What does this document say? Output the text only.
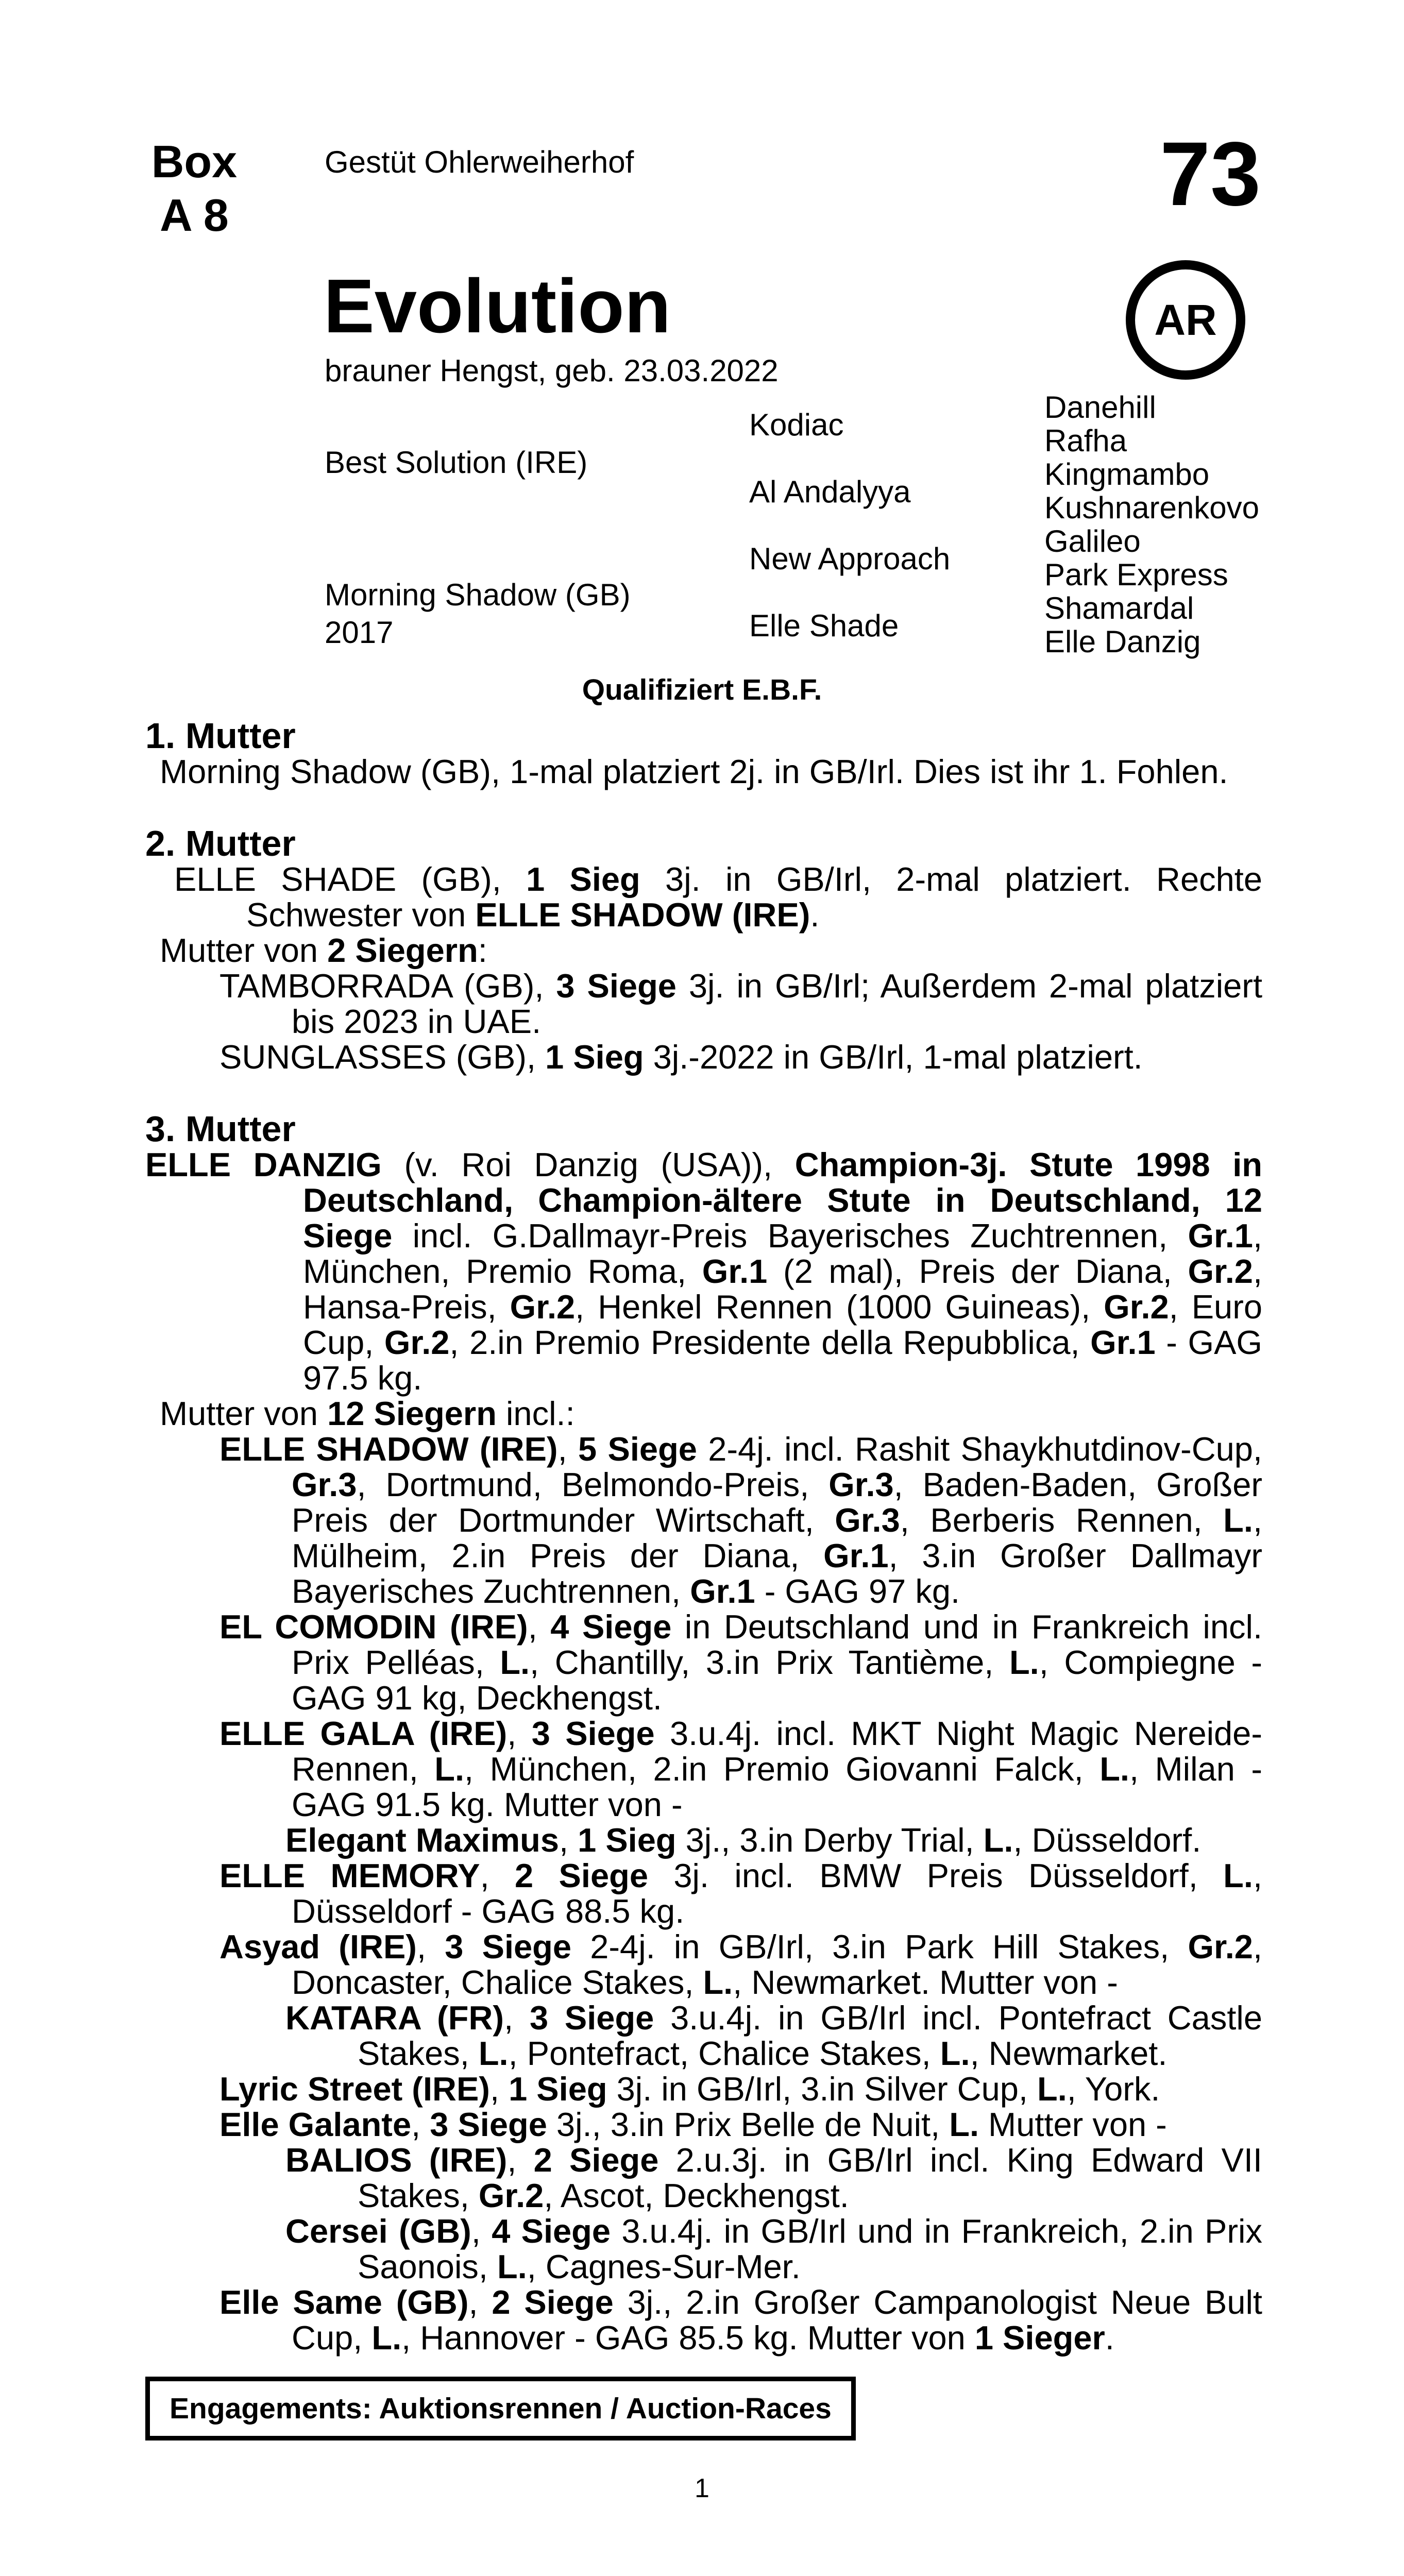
Box
A 8
Gestüt Ohlerweiherhof	73
AR
Evolution
brauner Hengst, geb. 23.03.2022
Best Solution (IRE)
Morning Shadow (GB)
2017
Kodiac
Al Andalyya
New Approach
Elle Shade
Danehill
Rafha
Kingmambo
Kushnarenkovo
Galileo
Park Express
Shamardal
Elle Danzig
Qualifiziert E.B.F.

1. Mutter

Morning Shadow (GB), 1-mal platziert 2j. in GB/Irl. Dies ist ihr 1. Fohlen.

2. Mutter

ELLE SHADE (GB), 1 Sieg 3j. in GB/Irl, 2-mal platziert. Rechte Schwester von ELLE SHADOW (IRE).

Mutter von 2 Siegern:

TAMBORRADA (GB), 3 Siege 3j. in GB/Irl; Außerdem 2-mal platziert bis 2023 in UAE.

SUNGLASSES (GB), 1 Sieg 3j.-2022 in GB/Irl, 1-mal platziert.

3. Mutter

ELLE DANZIG (v. Roi Danzig (USA)), Champion-3j. Stute 1998 in Deutschland, Champion-ältere Stute in Deutschland, 12 Siege incl. G.Dallmayr-Preis Bayerisches Zuchtrennen, Gr.1, München, Premio Roma, Gr.1 (2 mal), Preis der Diana, Gr.2, Hansa-Preis, Gr.2, Henkel Rennen (1000 Guineas), Gr.2, Euro Cup, Gr.2, 2.in Premio Presidente della Repubblica, Gr.1 - GAG 97.5 kg.

Mutter von 12 Siegern incl.:

ELLE SHADOW (IRE), 5 Siege 2-4j. incl. Rashit Shaykhutdinov-Cup, Gr.3, Dortmund, Belmondo-Preis, Gr.3, Baden-Baden, Großer Preis der Dortmunder Wirtschaft, Gr.3, Berberis Rennen, L., Mülheim, 2.in Preis der Diana, Gr.1, 3.in Großer Dallmayr Bayerisches Zuchtrennen, Gr.1 - GAG 97 kg.

EL COMODIN (IRE), 4 Siege in Deutschland und in Frankreich incl. Prix Pelléas, L., Chantilly, 3.in Prix Tantième, L., Compiegne - GAG 91 kg, Deckhengst.

ELLE GALA (IRE), 3 Siege 3.u.4j. incl. MKT Night Magic Nereide-Rennen, L., München, 2.in Premio Giovanni Falck, L., Milan - GAG 91.5 kg. Mutter von -

Elegant Maximus, 1 Sieg 3j., 3.in Derby Trial, L., Düsseldorf.

ELLE MEMORY, 2 Siege 3j. incl. BMW Preis Düsseldorf, L., Düsseldorf - GAG 88.5 kg.

Asyad (IRE), 3 Siege 2-4j. in GB/Irl, 3.in Park Hill Stakes, Gr.2, Doncaster, Chalice Stakes, L., Newmarket. Mutter von -

KATARA (FR), 3 Siege 3.u.4j. in GB/Irl incl. Pontefract Castle Stakes, L., Pontefract, Chalice Stakes, L., Newmarket.

Lyric Street (IRE), 1 Sieg 3j. in GB/Irl, 3.in Silver Cup, L., York.

Elle Galante, 3 Siege 3j., 3.in Prix Belle de Nuit, L. Mutter von -

BALIOS (IRE), 2 Siege 2.u.3j. in GB/Irl incl. King Edward VII Stakes, Gr.2, Ascot, Deckhengst.

Cersei (GB), 4 Siege 3.u.4j. in GB/Irl und in Frankreich, 2.in Prix Saonois, L., Cagnes-Sur-Mer.

Elle Same (GB), 2 Siege 3j., 2.in Großer Campanologist Neue Bult Cup, L., Hannover - GAG 85.5 kg. Mutter von 1 Sieger.

Engagements: Auktionsrennen / Auction-Races
1
